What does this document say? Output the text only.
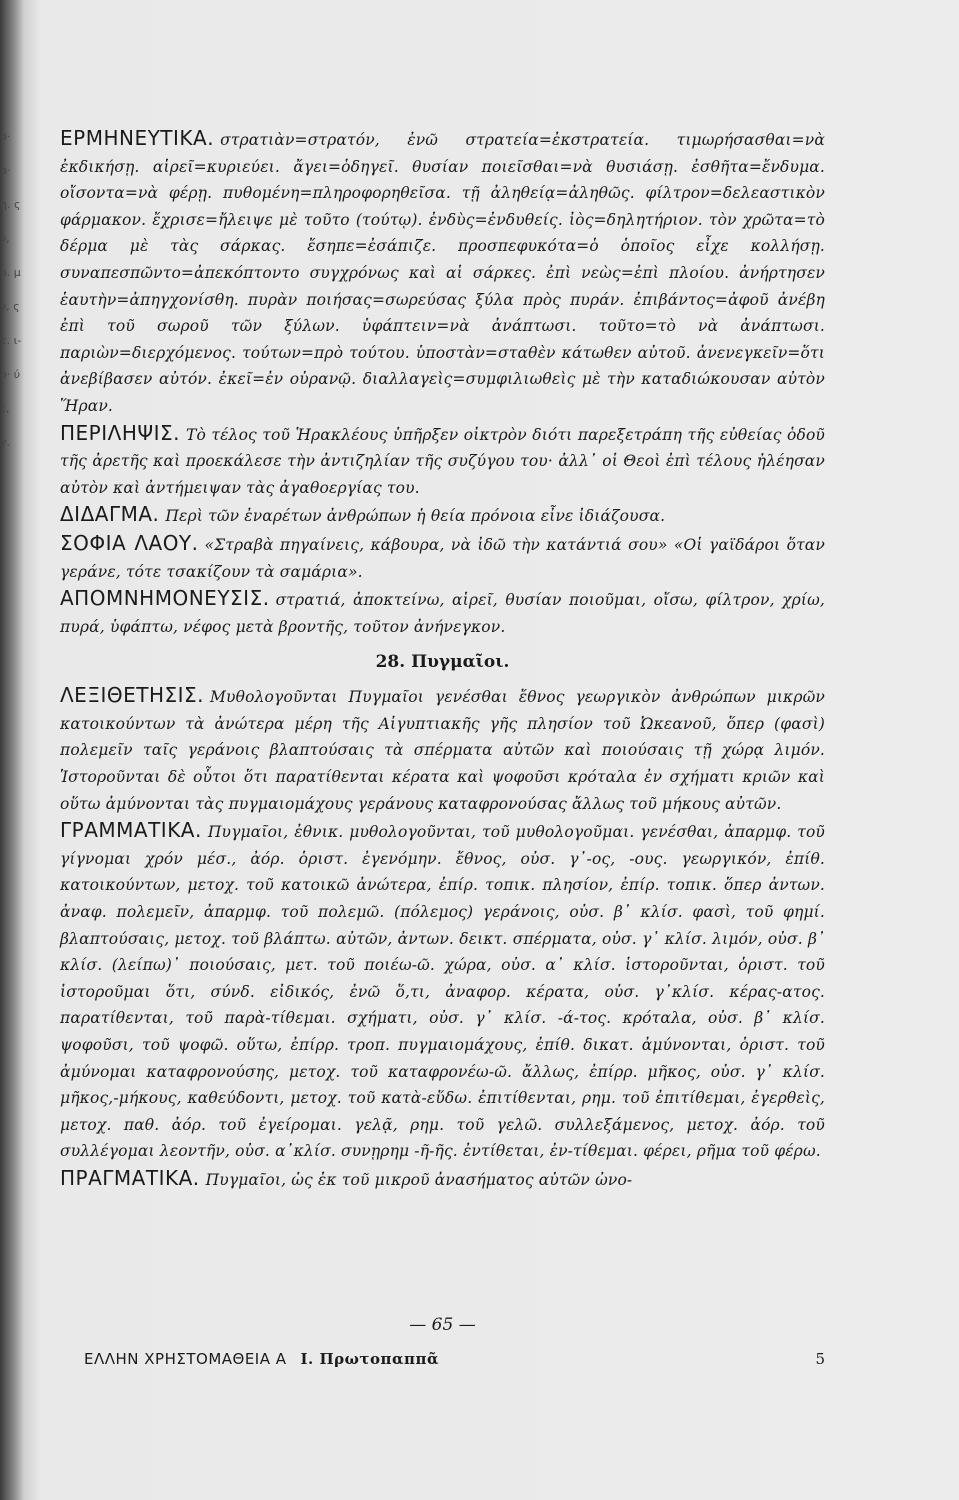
ο· ρ· η. ς ν, ο. μ ν, ς τ. ι- ο· ύ ε, γ.

ΕΡΜΗΝΕΥΤΙΚΑ. στρατιὰν=στρατόν, ἐνῶ στρατεία=ἐκστρατεία. τιμωρήσασθαι=νὰ ἐκδικήσῃ. αἱρεῖ=κυριεύει. ἄγει=ὁδηγεῖ. θυσίαν ποιεῖσθαι=νὰ θυσιάσῃ. ἐσθῆτα=ἔνδυμα. οἴσοντα=νὰ φέρῃ. πυθομένη=πληροφορηθεῖσα. τῇ ἀληθείᾳ=ἀληθῶς. φίλτρον=δελεαστικὸν φάρμακον. ἔχρισε=ἤλειψε μὲ τοῦτο (τούτῳ). ἐνδὺς=ἐνδυθείς. ἰὸς=δηλητήριον. τὸν χρῶτα=τὸ δέρμα μὲ τὰς σάρκας. ἔσηπε=ἐσάπιζε. προσπεφυκότα=ὁ ὁποῖος εἶχε κολλήσῃ. συναπεσπῶντο=ἀπεκόπτοντο συγχρόνως καὶ αἱ σάρκες. ἐπὶ νεὼς=ἐπὶ πλοίου. ἀνήρτησεν ἑαυτὴν=ἀπηγχονίσθη. πυρὰν ποιήσας=σωρεύσας ξύλα πρὸς πυράν. ἐπιβάντος=ἀφοῦ ἀνέβη ἐπὶ τοῦ σωροῦ τῶν ξύλων. ὑφάπτειν=νὰ ἀνάπτωσι. τοῦτο=τὸ νὰ ἀνάπτωσι. παριὼν=διερχόμενος. τούτων=πρὸ τούτου. ὑποστὰν=σταθὲν κάτωθεν αὐτοῦ. ἀνενεγκεῖν=ὅτι ἀνεβίβασεν αὐτόν. ἐκεῖ=ἐν οὐρανῷ. διαλλαγεὶς=συμφιλιωθεὶς μὲ τὴν καταδιώκουσαν αὐτὸν Ἥραν.

ΠΕΡΙΛΗΨΙΣ. Τὸ τέλος τοῦ Ἡρακλέους ὑπῆρξεν οἰκτρὸν διότι παρεξετράπη τῆς εὐθείας ὁδοῦ τῆς ἀρετῆς καὶ προεκάλεσε τὴν ἀντιζηλίαν τῆς συζύγου του· ἀλλ᾽ οἱ Θεοὶ ἐπὶ τέλους ἠλέησαν αὐτὸν καὶ ἀντήμειψαν τὰς ἀγαθοεργίας του.

ΔΙΔΑΓΜΑ. Περὶ τῶν ἐναρέτων ἀνθρώπων ἡ θεία πρόνοια εἶνε ἰδιάζουσα.

ΣΟΦΙΑ ΛΑΟΥ. «Στραβὰ πηγαίνεις, κάβουρα, νὰ ἰδῶ τὴν κατάντιά σου» «Οἱ γαϊδάροι ὅταν γεράνε, τότε τσακίζουν τὰ σαμάρια».

ΑΠΟΜΝΗΜΟΝΕΥΣΙΣ. στρατιά, ἀποκτείνω, αἱρεῖ, θυσίαν ποιοῦμαι, οἴσω, φίλτρον, χρίω, πυρά, ὑφάπτω, νέφος μετὰ βροντῆς, τοῦτον ἀνήνεγκον.

28. Πυγμαῖοι.

ΛΕΞΙΘΕΤΗΣΙΣ. Μυθολογοῦνται Πυγμαῖοι γενέσθαι ἔθνος γεωργικὸν ἀνθρώπων μικρῶν κατοικούντων τὰ ἀνώτερα μέρη τῆς Αἰγυπτιακῆς γῆς πλησίον τοῦ Ὠκεανοῦ, ὅπερ (φασὶ) πολεμεῖν ταῖς γεράνοις βλαπτούσαις τὰ σπέρματα αὐτῶν καὶ ποιούσαις τῇ χώρᾳ λιμόν. Ἱστοροῦνται δὲ οὗτοι ὅτι παρατίθενται κέρατα καὶ ψοφοῦσι κρόταλα ἐν σχήματι κριῶν καὶ οὕτω ἀμύνονται τὰς πυγμαιομάχους γεράνους καταφρονούσας ἄλλως τοῦ μήκους αὐτῶν.

ΓΡΑΜΜΑΤΙΚΑ. Πυγμαῖοι, ἐθνικ. μυθολογοῦνται, τοῦ μυθολογοῦμαι. γενέσθαι, ἀπαρμφ. τοῦ γίγνομαι χρόν μέσ., ἀόρ. ὁριστ. ἐγενόμην. ἔθνος, οὐσ. γ᾽-ος, -ους. γεωργικόν, ἐπίθ. κατοικούντων, μετοχ. τοῦ κατοικῶ ἀνώτερα, ἐπίρ. τοπικ. πλησίον, ἐπίρ. τοπικ. ὅπερ ἀντων. ἀναφ. πολεμεῖν, ἀπαρμφ. τοῦ πολεμῶ. (πόλεμος) γεράνοις, οὐσ. β᾽ κλίσ. φασὶ, τοῦ φημί. βλαπτούσαις, μετοχ. τοῦ βλάπτω. αὐτῶν, ἀντων. δεικτ. σπέρματα, οὐσ. γ᾽ κλίσ. λιμόν, οὐσ. β᾽ κλίσ. (λείπω)᾽ ποιούσαις, μετ. τοῦ ποιέω-ῶ. χώρα, οὐσ. α᾽ κλίσ. ἱστοροῦνται, ὁριστ. τοῦ ἱστοροῦμαι ὅτι, σύνδ. εἰδικός, ἐνῶ ὅ,τι, ἀναφορ. κέρατα, οὐσ. γ᾽κλίσ. κέρας-ατος. παρατίθενται, τοῦ παρὰ-τίθεμαι. σχήματι, οὐσ. γ᾽ κλίσ. -ά-τος. κρόταλα, οὐσ. β᾽ κλίσ. ψοφοῦσι, τοῦ ψοφῶ. οὕτω, ἐπίρρ. τροπ. πυγμαιομάχους, ἐπίθ. δικατ. ἀμύνονται, ὁριστ. τοῦ ἀμύνομαι καταφρονούσης, μετοχ. τοῦ καταφρονέω-ῶ. ἄλλως, ἐπίρρ. μῆκος, οὐσ. γ᾽ κλίσ. μῆκος,-μήκους, καθεύδοντι, μετοχ. τοῦ κατὰ-εὕδω. ἐπιτίθενται, ρημ. τοῦ ἐπιτίθεμαι, ἐγερθεὶς, μετοχ. παθ. ἀόρ. τοῦ ἐγείρομαι. γελᾷ, ρημ. τοῦ γελῶ. συλλεξάμενος, μετοχ. ἀόρ. τοῦ συλλέγομαι λεοντῆν, οὐσ. α᾽κλίσ. συνῃρημ -ῆ-ῆς. ἐντίθεται, ἐν-τίθεμαι. φέρει, ρῆμα τοῦ φέρω.

ΠΡΑΓΜΑΤΙΚΑ. Πυγμαῖοι, ὡς ἐκ τοῦ μικροῦ ἀνασήματος αὐτῶν ὠνο-

— 65 —
ΕΛΛΗΝ ΧΡΗΣΤΟΜΑΘΕΙΑ Α Ι. Πρωτοπαππᾶ	5
